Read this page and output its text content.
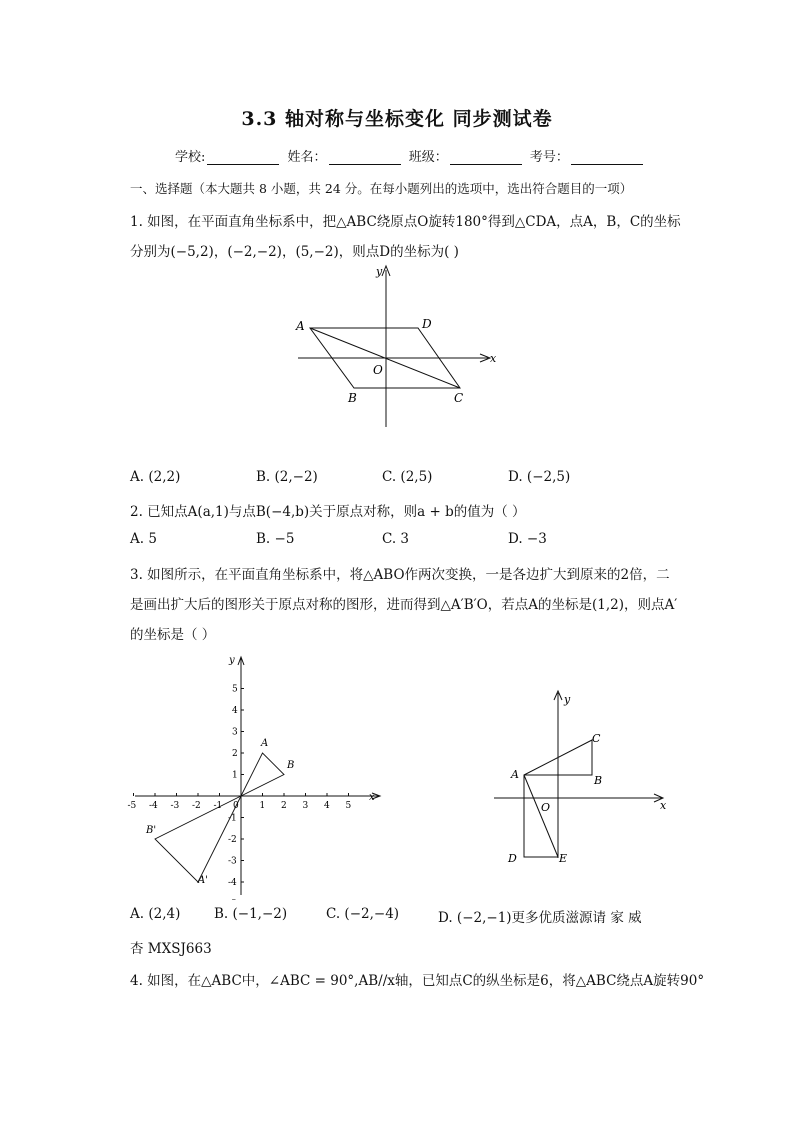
3.3 轴对称与坐标变化 同步测试卷
学校:	姓名：	班级：	考号：
一、选择题（本大题共 8 小题，共 24 分。在每小题列出的选项中，选出符合题目的一项）
1. 如图，在平面直角坐标系中，把△ABC绕原点O旋转180°得到△CDA，点A，B，C的坐标
分别为(−5,2)，(−2,−2)，(5,−2)，则点D的坐标为( )
y
x
A	D
O
B	C
A. (2,2)	B. (2,−2)	C. (2,5)	D. (−2,5)
2. 已知点A(a,1)与点B(−4,b)关于原点对称，则a + b的值为（ ）
A. 5	B. −5	C. 3	D. −3
3. 如图所示，在平面直角坐标系中，将△ABO作两次变换，一是各边扩大到原来的2倍，二
是画出扩大后的图形关于原点对称的图形，进而得到△A′B′O，若点A的坐标是(1,2)，则点A′
的坐标是（ ）
-5 -4 -3 -2 -1 0 1 2 3 4 5
5
4
3
2
1
-1
-2
-3
-4
y
x
A
B
B'
A'
y
x
C
A	B
O
D	E
A. (2,4) B. (−1,−2)	C. (−2,−4)	D. (−2,−1)更多优质滋源请 家 威
杏 MXSJ663
4. 如图，在△ABC中，∠ABC = 90°,AB//x轴，已知点C的纵坐标是6，将△ABC绕点A旋转90°
